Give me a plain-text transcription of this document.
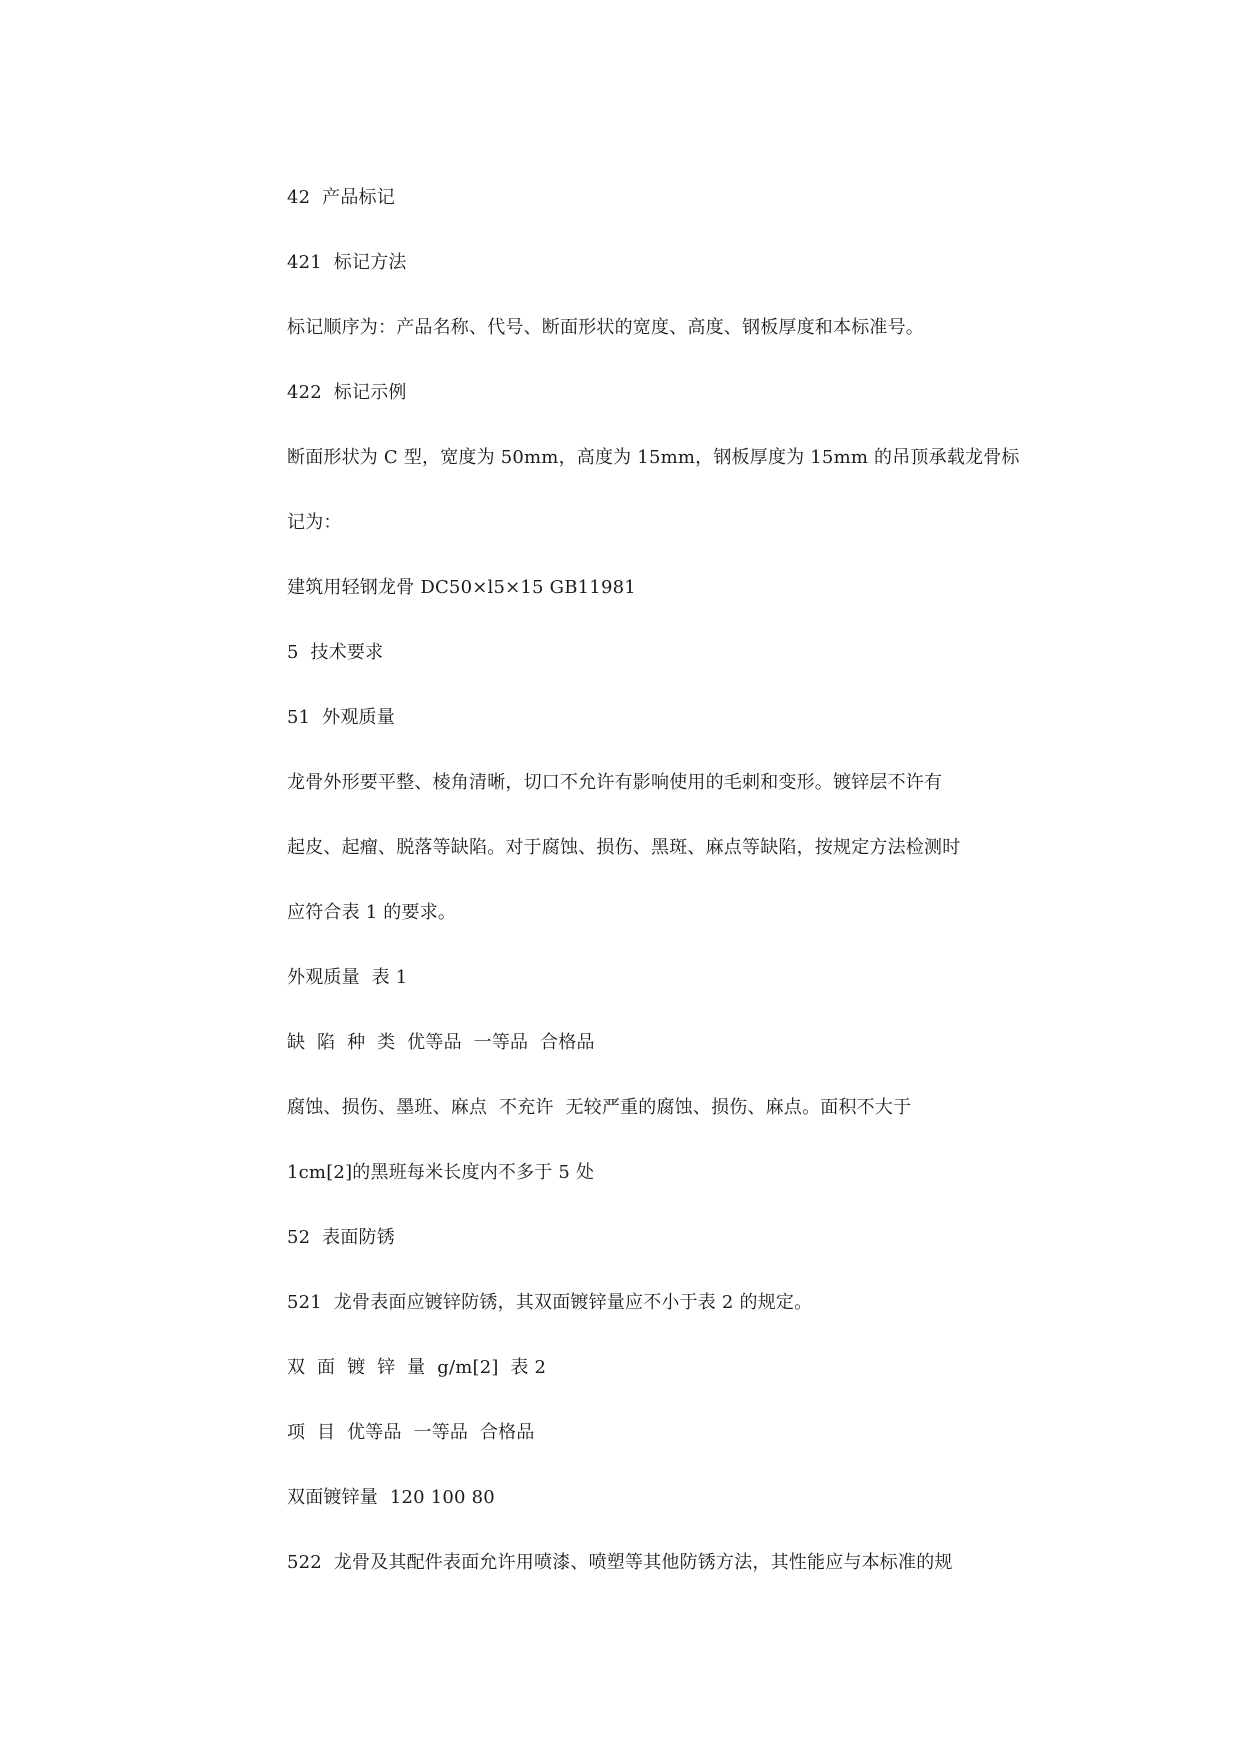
42  产品标记
421  标记方法
标记顺序为：产品名称、代号、断面形状的宽度、高度、钢板厚度和本标准号。
422  标记示例
断面形状为 C 型，宽度为 50mm，高度为 15mm，钢板厚度为 15mm 的吊顶承载龙骨标
记为：
建筑用轻钢龙骨 DC50×l5×15 GB11981
5  技术要求
51  外观质量
龙骨外形要平整、棱角清晰，切口不允许有影响使用的毛刺和变形。镀锌层不许有
起皮、起瘤、脱落等缺陷。对于腐蚀、损伤、黑斑、麻点等缺陷，按规定方法检测时
应符合表 1 的要求。
外观质量  表 1
缺  陷  种  类  优等品  一等品  合格品
腐蚀、损伤、墨班、麻点  不充许  无较严重的腐蚀、损伤、麻点。面积不大于
1cm[2]的黑班每米长度内不多于 5 处
52  表面防锈
521  龙骨表面应镀锌防锈，其双面镀锌量应不小于表 2 的规定。
双  面  镀  锌  量  g/m[2]  表 2
项  目  优等品  一等品  合格品
双面镀锌量  120 100 80
522  龙骨及其配件表面允许用喷漆、喷塑等其他防锈方法，其性能应与本标准的规
